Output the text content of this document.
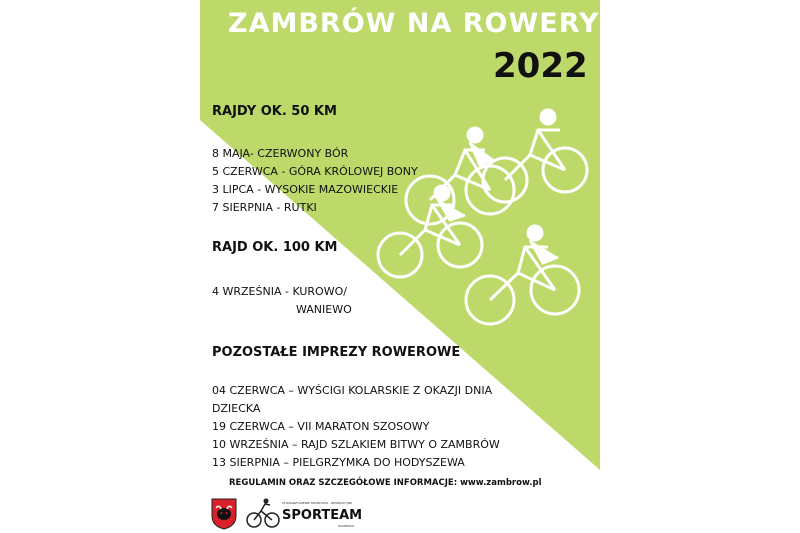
ZAMBRÓW NA ROWERY
2022
RAJDY OK. 50 KM
8 MAJA- CZERWONY BÓR
5 CZERWCA - GÓRA KRÓLOWEJ BONY
3 LIPCA - WYSOKIE MAZOWIECKIE
7 SIERPNIA - RUTKI
RAJD OK. 100 KM
4 WRZEŚNIA - KUROWO/
WANIEWO
POZOSTAŁE IMPREZY ROWEROWE
04 CZERWCA – WYŚCIGI KOLARSKIE Z OKAZJI DNIA
DZIECKA
19 CZERWCA – VII MARATON SZOSOWY
10 WRZEŚNIA – RAJD SZLAKIEM BITWY O ZAMBRÓW
13 SIERPNIA – PIELGRZYMKA DO HODYSZEWA
REGULAMIN ORAZ SZCZEGÓŁOWE INFORMACJE: www.zambrow.pl
STOWARZYSZENIE SPORTOWO - REKREACYJNE
SPORTEAM
ZAMBRÓW
